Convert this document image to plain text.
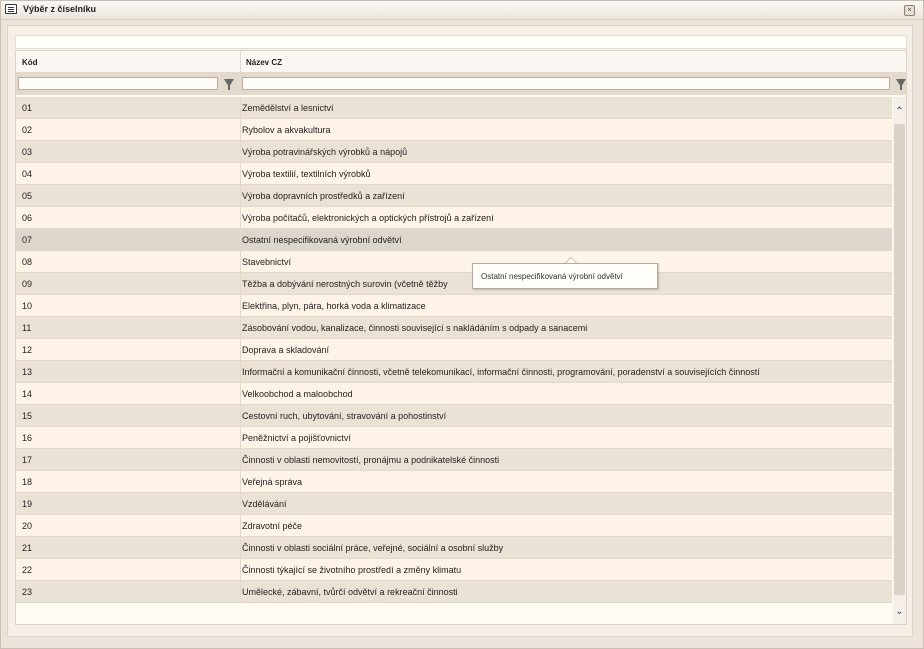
Výběr z číselníku	×
Kód	Název CZ
01	Zemědělství a lesnictví
02	Rybolov a akvakultura
03	Výroba potravinářských výrobků a nápojů
04	Výroba textilií, textilních výrobků
05	Výroba dopravních prostředků a zařízení
06	Výroba počítačů, elektronických a optických přístrojů a zařízení
07	Ostatní nespecifikovaná výrobní odvětví
08	Stavebnictví
09	Těžba a dobývání nerostných surovin (včetně těžby
10	Elektřina, plyn, pára, horká voda a klimatizace
11	Zásobování vodou, kanalizace, činnosti související s nakládáním s odpady a sanacemi
12	Doprava a skladování
13	Informační a komunikační činnosti, včetně telekomunikací, informační činnosti, programování, poradenství a souvisejících činností
14	Velkoobchod a maloobchod
15	Cestovní ruch, ubytování, stravování a pohostinství
16	Peněžnictví a pojišťovnictví
17	Činnosti v oblasti nemovitostí, pronájmu a podnikatelské činnosti
18	Veřejná správa
19	Vzdělávání
20	Zdravotní péče
21	Činnosti v oblasti sociální práce, veřejné, sociální a osobní služby
22	Činnosti týkající se životního prostředí a změny klimatu
23	Umělecké, zábavní, tvůrčí odvětví a rekreační činnosti
⌃
⌄
Ostatní nespecifikovaná výrobní odvětví
